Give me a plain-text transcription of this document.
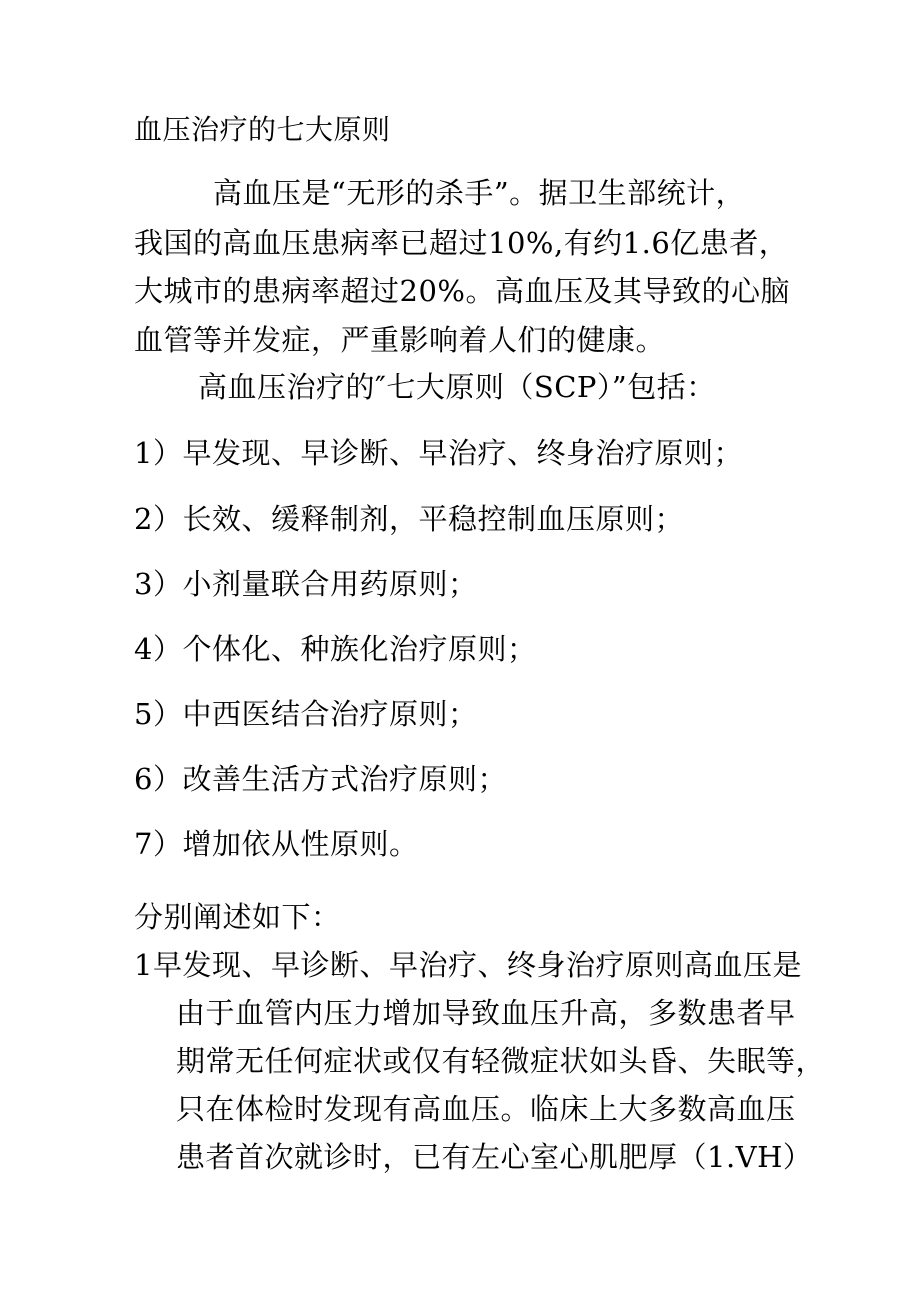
血压治疗的七大原则
高血压是“无形的杀手”。据卫生部统计，
我国的高血压患病率已超过10%,有约1.6亿患者，
大城市的患病率超过20%。高血压及其导致的心脑
血管等并发症，严重影响着人们的健康。
高血压治疗的″七大原则（SCP）”包括：
1）早发现、早诊断、早治疗、终身治疗原则；
2）长效、缓释制剂，平稳控制血压原则；
3）小剂量联合用药原则；
4）个体化、种族化治疗原则；
5）中西医结合治疗原则；
6）改善生活方式治疗原则；
7）增加依从性原则。
分别阐述如下：
1早发现、早诊断、早治疗、终身治疗原则高血压是
由于血管内压力增加导致血压升高，多数患者早
期常无任何症状或仅有轻微症状如头昏、失眠等，
只在体检时发现有高血压。临床上大多数高血压
患者首次就诊时，已有左心室心肌肥厚（1.VH）
